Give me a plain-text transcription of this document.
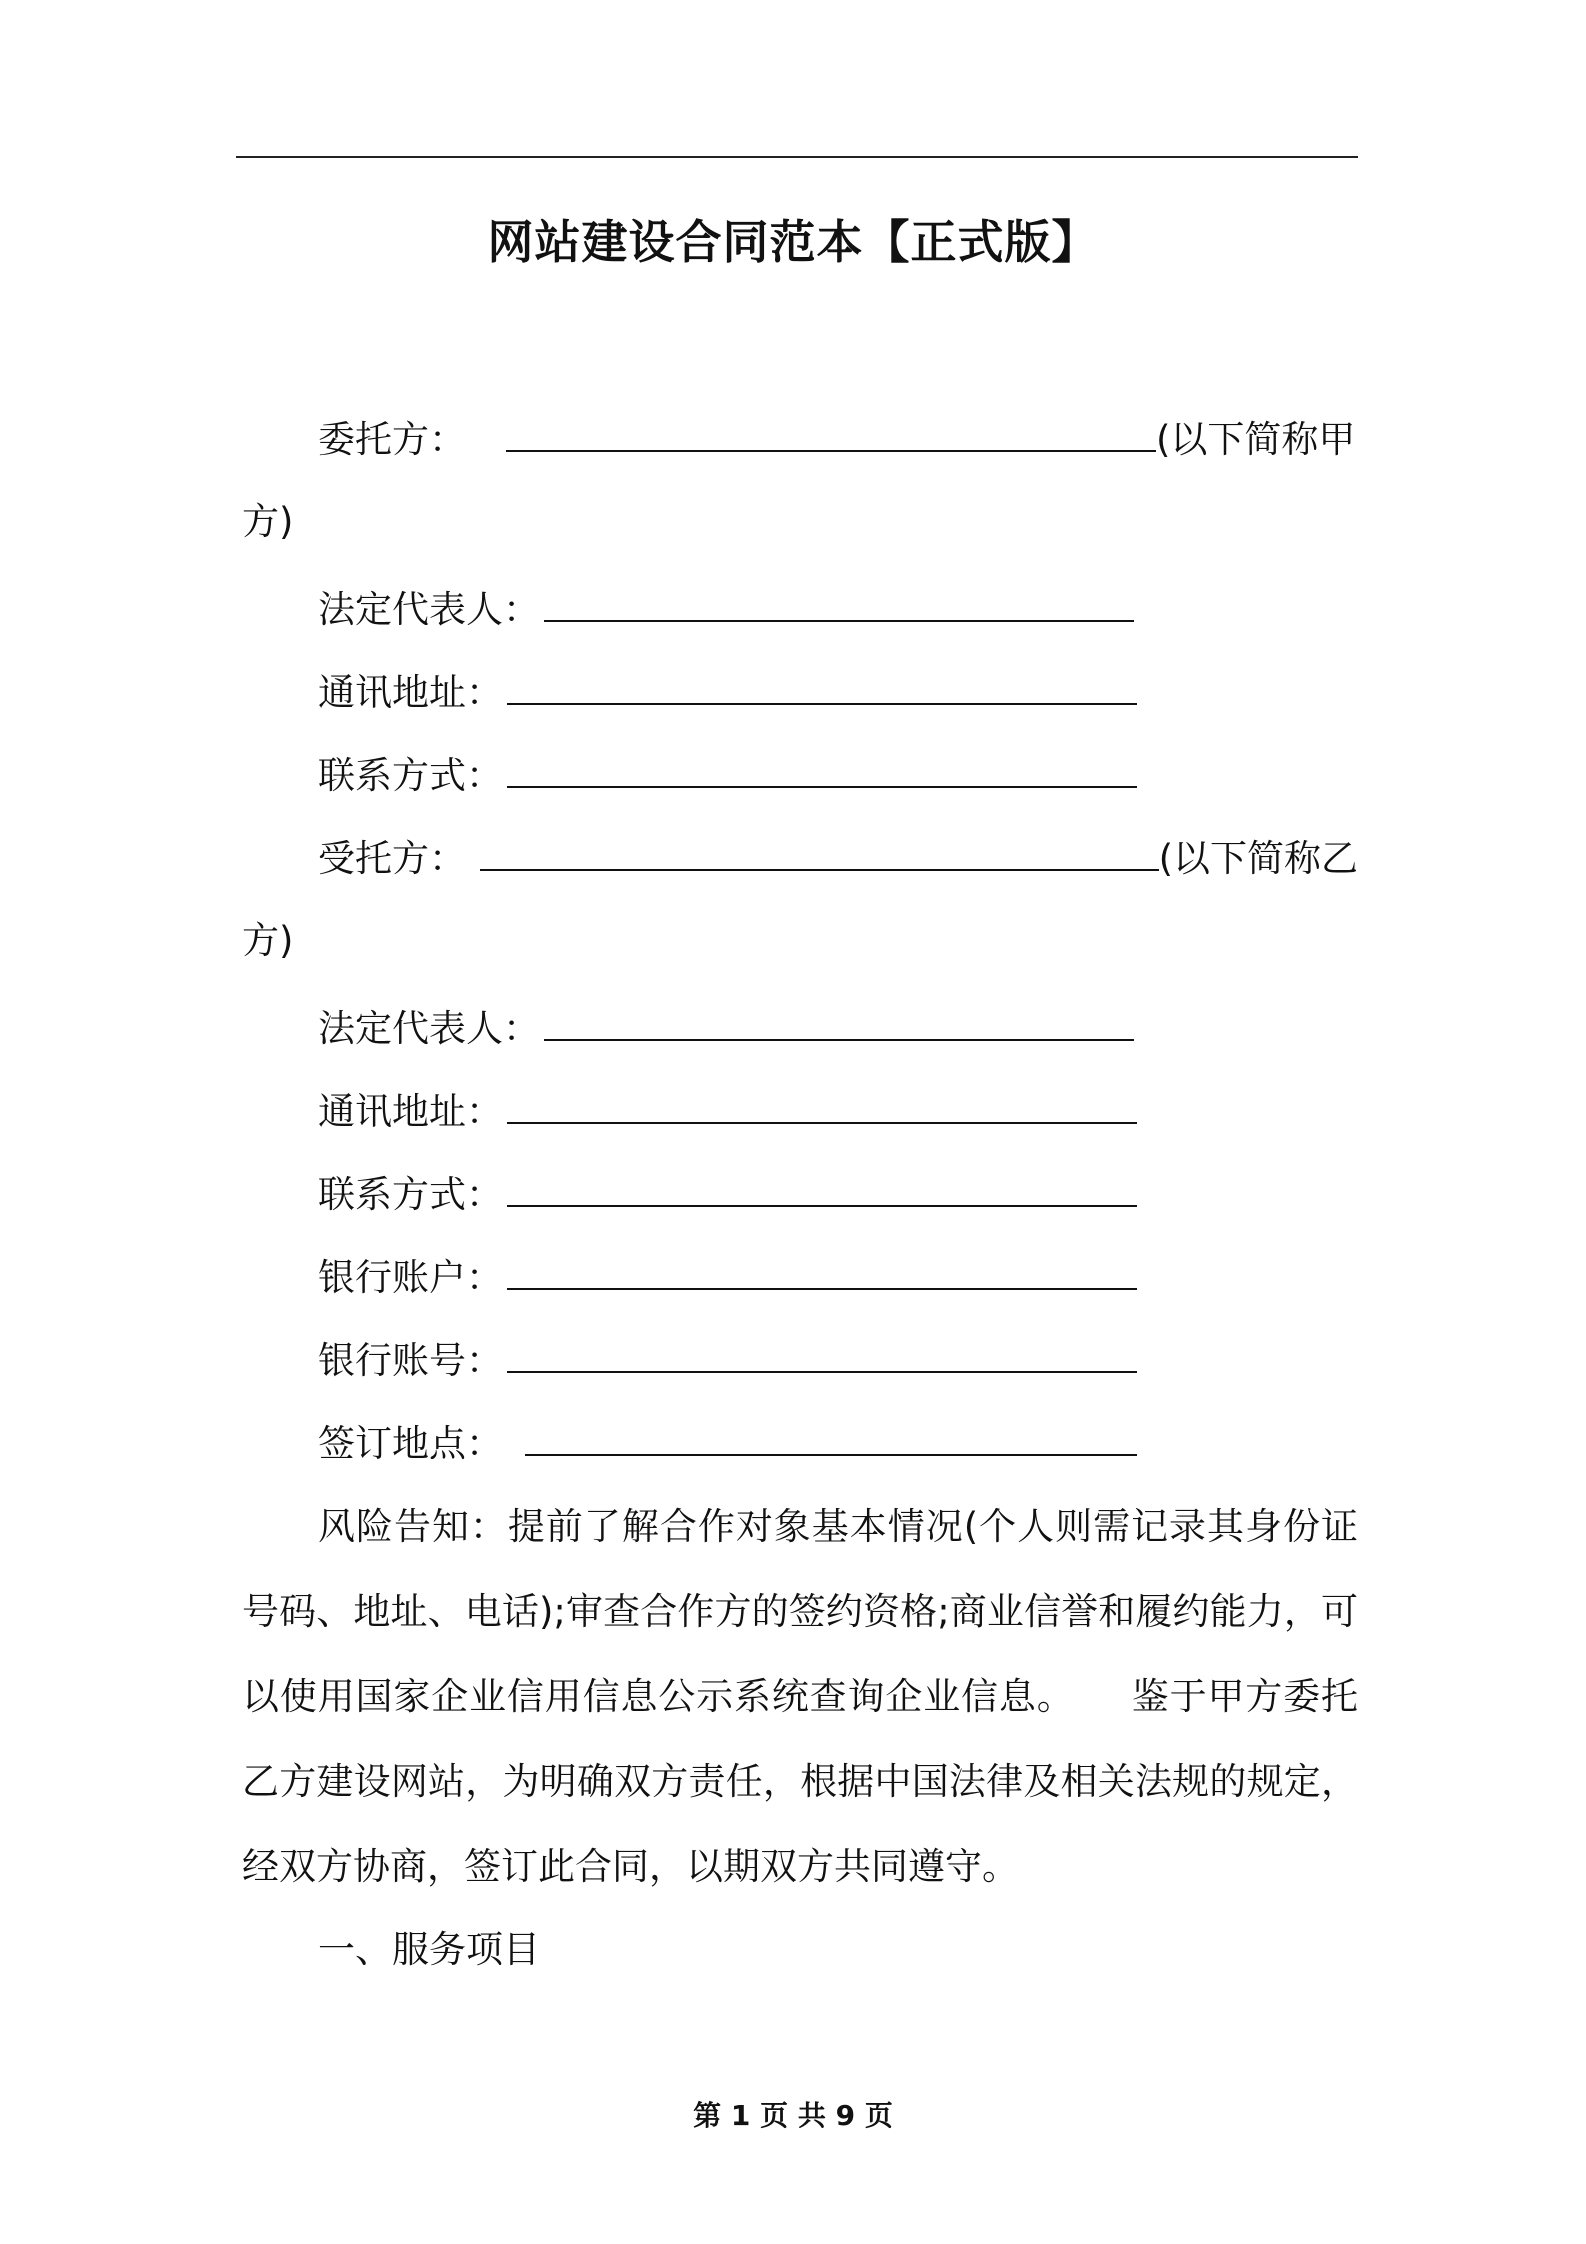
网站建设合同范本【正式版】
委托方：	(以下简称甲
方)
法定代表人：
通讯地址：
联系方式：
受托方：	(以下简称乙
方)
法定代表人：
通讯地址：
联系方式：
银行账户：
银行账号：
签订地点：
风险告知：提前了解合作对象基本情况(个人则需记录其身份证
号码、地址、电话);审查合作方的签约资格;商业信誉和履约能力，可
以使用国家企业信用信息公示系统查询企业信息。　　鉴于甲方委托
乙方建设网站，为明确双方责任，根据中国法律及相关法规的规定，
经双方协商，签订此合同，以期双方共同遵守。
一、服务项目
第 1 页 共 9 页
